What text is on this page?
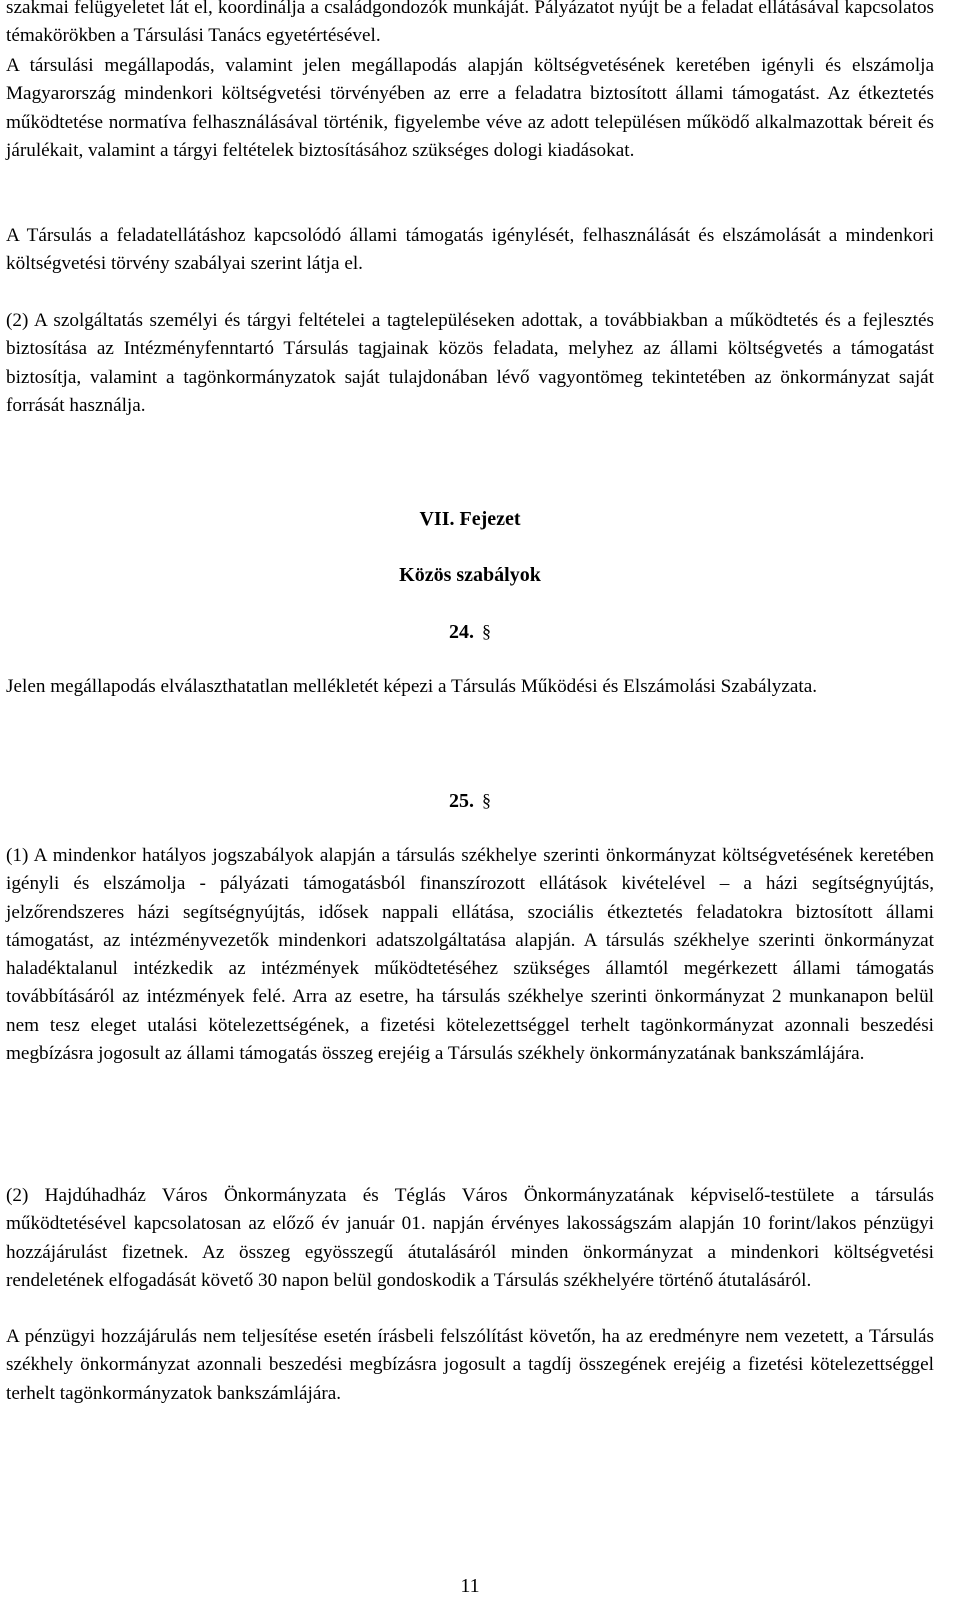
szakmai felügyeletet lát el, koordinálja a családgondozók munkáját. Pályázatot nyújt be a feladat ellátásával kapcsolatos témakörökben a Társulási Tanács egyetértésével.

A társulási megállapodás, valamint jelen megállapodás alapján költségvetésének keretében igényli és elszámolja Magyarország mindenkori költségvetési törvényében az erre a feladatra biztosított állami támogatást. Az étkeztetés működtetése normatíva felhasználásával történik, figyelembe véve az adott településen működő alkalmazottak béreit és járulékait, valamint a tárgyi feltételek biztosításához szükséges dologi kiadásokat.

A Társulás a feladatellátáshoz kapcsolódó állami támogatás igénylését, felhasználását és elszámolását a mindenkori költségvetési törvény szabályai szerint látja el.

(2) A szolgáltatás személyi és tárgyi feltételei a tagtelepüléseken adottak, a továbbiakban a működtetés és a fejlesztés biztosítása az Intézményfenntartó Társulás tagjainak közös feladata, melyhez az állami költségvetés a támogatást biztosítja, valamint a tagönkormányzatok saját tulajdonában lévő vagyontömeg tekintetében az önkormányzat saját forrását használja.

VII. Fejezet
Közös szabályok
24. §

Jelen megállapodás elválaszthatatlan mellékletét képezi a Társulás Működési és Elszámolási Szabályzata.

25. §

(1) A mindenkor hatályos jogszabályok alapján a társulás székhelye szerinti önkormányzat költségvetésének keretében igényli és elszámolja - pályázati támogatásból finanszírozott ellátások kivételével – a házi segítségnyújtás, jelzőrendszeres házi segítségnyújtás, idősek nappali ellátása, szociális étkeztetés feladatokra biztosított állami támogatást, az intézményvezetők mindenkori adatszolgáltatása alapján. A társulás székhelye szerinti önkormányzat haladéktalanul intézkedik az intézmények működtetéséhez szükséges államtól megérkezett állami támogatás továbbításáról az intézmények felé. Arra az esetre, ha társulás székhelye szerinti önkormányzat 2 munkanapon belül nem tesz eleget utalási kötelezettségének, a fizetési kötelezettséggel terhelt tagönkormányzat azonnali beszedési megbízásra jogosult az állami támogatás összeg erejéig a Társulás székhely önkormányzatának bankszámlájára.

(2) Hajdúhadház Város Önkormányzata és Téglás Város Önkormányzatának képviselő-testülete a társulás működtetésével kapcsolatosan az előző év január 01. napján érvényes lakosságszám alapján 10 forint/lakos pénzügyi hozzájárulást fizetnek. Az összeg egyösszegű átutalásáról minden önkormányzat a mindenkori költségvetési rendeletének elfogadását követő 30 napon belül gondoskodik a Társulás székhelyére történő átutalásáról.

A pénzügyi hozzájárulás nem teljesítése esetén írásbeli felszólítást követőn, ha az eredményre nem vezetett, a Társulás székhely önkormányzat azonnali beszedési megbízásra jogosult a tagdíj összegének erejéig a fizetési kötelezettséggel terhelt tagönkormányzatok bankszámlájára.

11
